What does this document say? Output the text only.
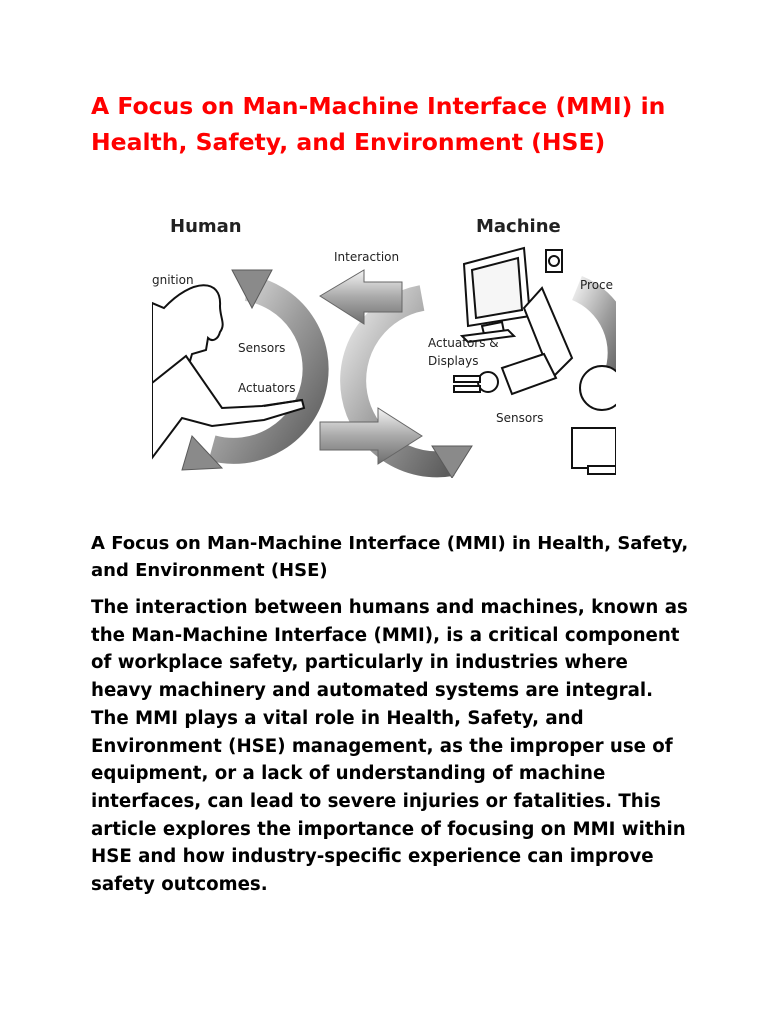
A Focus on Man-Machine Interface (MMI) in Health, Safety, and Environment (HSE)
Human	Machine
Interaction
gnition
Sensors
Actuators
Proce
Actuators &
Displays
Sensors

A Focus on Man-Machine Interface (MMI) in Health, Safety, and Environment (HSE)

The interaction between humans and machines, known as the Man-Machine Interface (MMI), is a critical component of workplace safety, particularly in industries where heavy machinery and automated systems are integral. The MMI plays a vital role in Health, Safety, and Environment (HSE) management, as the improper use of equipment, or a lack of understanding of machine interfaces, can lead to severe injuries or fatalities. This article explores the importance of focusing on MMI within HSE and how industry-specific experience can improve safety outcomes.
